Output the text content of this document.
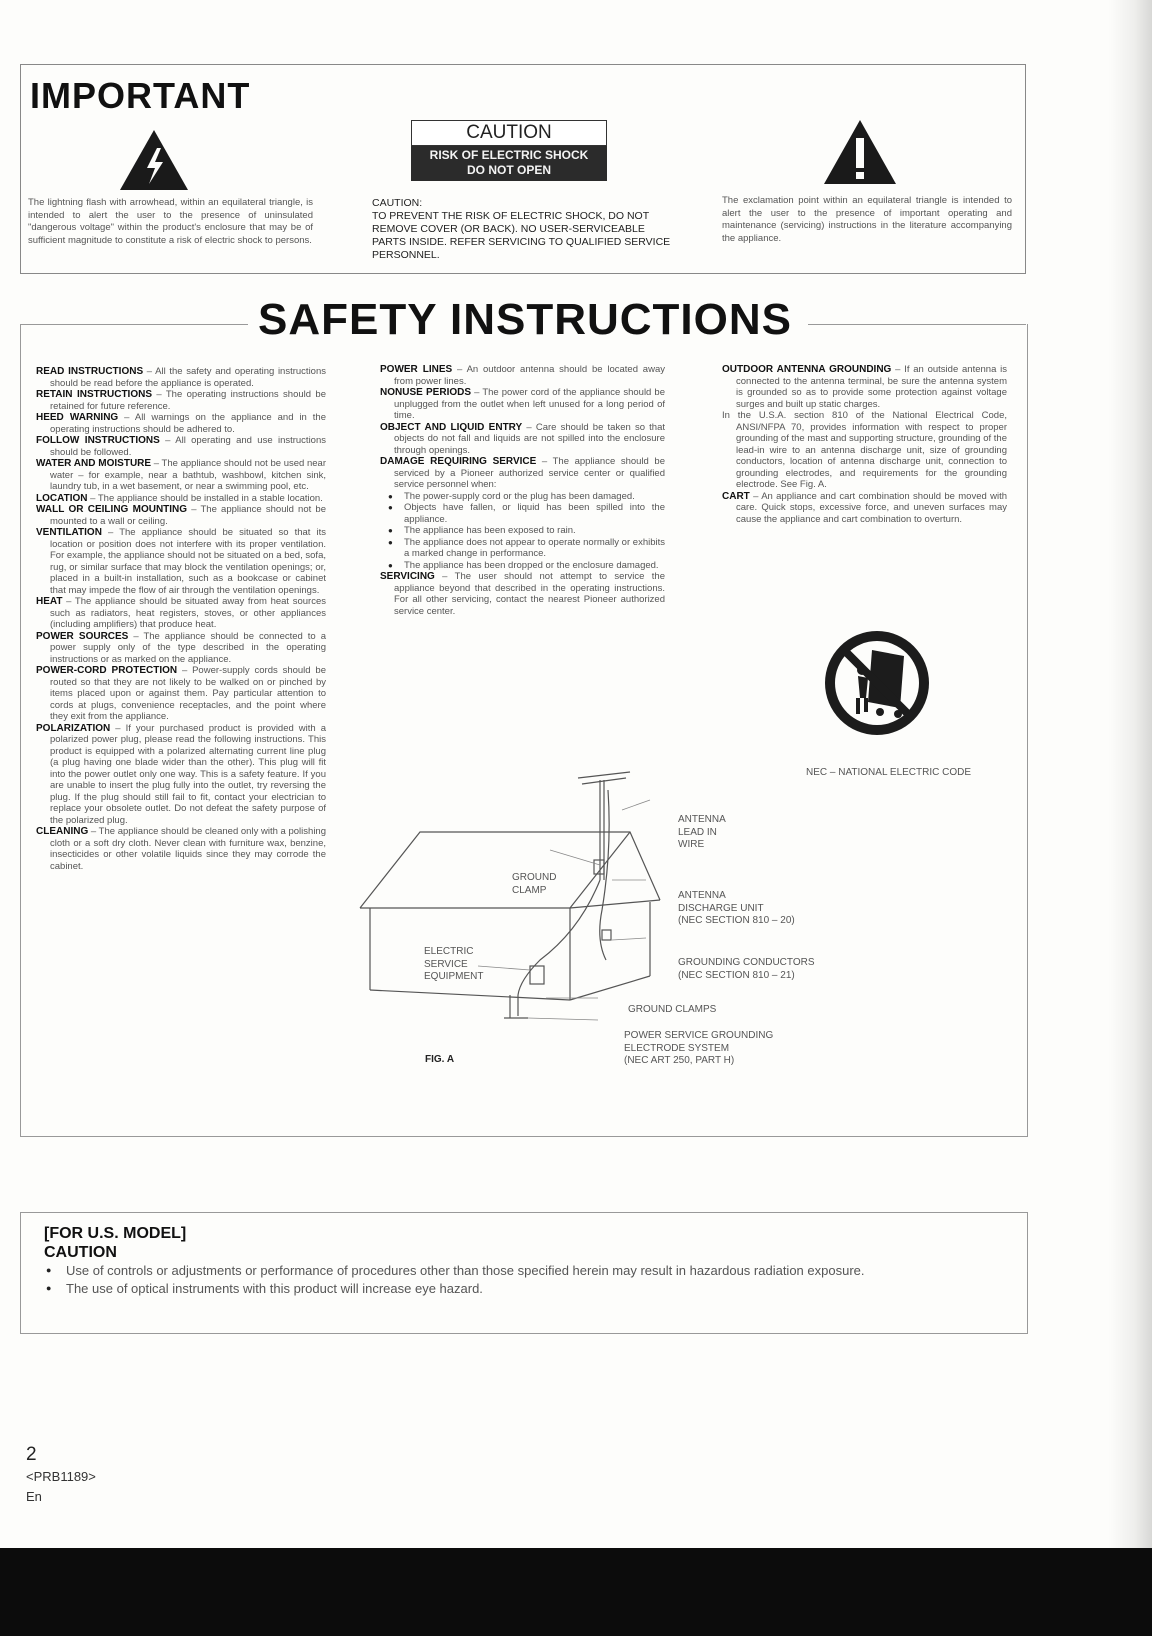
IMPORTANT
The lightning flash with arrowhead, within an equilateral triangle, is intended to alert the user to the presence of uninsulated "dangerous voltage" within the product's enclosure that may be of sufficient magnitude to constitute a risk of electric shock to persons.
CAUTION
RISK OF ELECTRIC SHOCK
DO NOT OPEN
CAUTION:
TO PREVENT THE RISK OF ELECTRIC SHOCK, DO NOT REMOVE COVER (OR BACK). NO USER-SERVICEABLE PARTS INSIDE. REFER SERVICING TO QUALIFIED SERVICE PERSONNEL.
The exclamation point within an equilateral triangle is intended to alert the user to the presence of important operating and maintenance (servicing) instructions in the literature accompanying the appliance.
SAFETY INSTRUCTIONS

READ INSTRUCTIONS – All the safety and operating instructions should be read before the appliance is operated.

RETAIN INSTRUCTIONS – The operating instructions should be retained for future reference.

HEED WARNING – All warnings on the appliance and in the operating instructions should be adhered to.

FOLLOW INSTRUCTIONS – All operating and use instructions should be followed.

WATER AND MOISTURE – The appliance should not be used near water – for example, near a bathtub, washbowl, kitchen sink, laundry tub, in a wet basement, or near a swimming pool, etc.

LOCATION – The appliance should be installed in a stable location.

WALL OR CEILING MOUNTING – The appliance should not be mounted to a wall or ceiling.

VENTILATION – The appliance should be situated so that its location or position does not interfere with its proper ventilation. For example, the appliance should not be situated on a bed, sofa, rug, or similar surface that may block the ventilation openings; or, placed in a built-in installation, such as a bookcase or cabinet that may impede the flow of air through the ventilation openings.

HEAT – The appliance should be situated away from heat sources such as radiators, heat registers, stoves, or other appliances (including amplifiers) that produce heat.

POWER SOURCES – The appliance should be connected to a power supply only of the type described in the operating instructions or as marked on the appliance.

POWER-CORD PROTECTION – Power-supply cords should be routed so that they are not likely to be walked on or pinched by items placed upon or against them. Pay particular attention to cords at plugs, convenience receptacles, and the point where they exit from the appliance.

POLARIZATION – If your purchased product is provided with a polarized power plug, please read the following instructions. This product is equipped with a polarized alternating current line plug (a plug having one blade wider than the other). This plug will fit into the power outlet only one way. This is a safety feature. If you are unable to insert the plug fully into the outlet, try reversing the plug. If the plug should still fail to fit, contact your electrician to replace your obsolete outlet. Do not defeat the safety purpose of the polarized plug.

CLEANING – The appliance should be cleaned only with a polishing cloth or a soft dry cloth. Never clean with furniture wax, benzine, insecticides or other volatile liquids since they may corrode the cabinet.

POWER LINES – An outdoor antenna should be located away from power lines.

NONUSE PERIODS – The power cord of the appliance should be unplugged from the outlet when left unused for a long period of time.

OBJECT AND LIQUID ENTRY – Care should be taken so that objects do not fall and liquids are not spilled into the enclosure through openings.

DAMAGE REQUIRING SERVICE – The appliance should be serviced by a Pioneer authorized service center or qualified service personnel when:

● The power-supply cord or the plug has been damaged.
● Objects have fallen, or liquid has been spilled into the appliance.
● The appliance has been exposed to rain.
● The appliance does not appear to operate normally or exhibits a marked change in performance.
● The appliance has been dropped or the enclosure damaged.

SERVICING – The user should not attempt to service the appliance beyond that described in the operating instructions. For all other servicing, contact the nearest Pioneer authorized service center.

OUTDOOR ANTENNA GROUNDING – If an outside antenna is connected to the antenna terminal, be sure the antenna system is grounded so as to provide some protection against voltage surges and built up static charges.

In the U.S.A. section 810 of the National Electrical Code, ANSI/NFPA 70, provides information with respect to proper grounding of the mast and supporting structure, grounding of the lead-in wire to an antenna discharge unit, size of grounding conductors, location of antenna discharge unit, connection to grounding electrodes, and requirements for the grounding electrode. See Fig. A.

CART – An appliance and cart combination should be moved with care. Quick stops, excessive force, and uneven surfaces may cause the appliance and cart combination to overturn.

NEC – NATIONAL ELECTRIC CODE
ANTENNA
LEAD IN
WIRE
GROUND
CLAMP	ANTENNA
DISCHARGE UNIT
(NEC SECTION 810 – 20)
ELECTRIC
SERVICE
EQUIPMENT
GROUNDING CONDUCTORS
(NEC SECTION 810 – 21)
GROUND CLAMPS
POWER SERVICE GROUNDING
ELECTRODE SYSTEM
(NEC ART 250, PART H)
FIG. A
[FOR U.S. MODEL]
CAUTION
● Use of controls or adjustments or performance of procedures other than those specified herein may result in hazardous radiation exposure.
● The use of optical instruments with this product will increase eye hazard.
2
<PRB1189>
En
